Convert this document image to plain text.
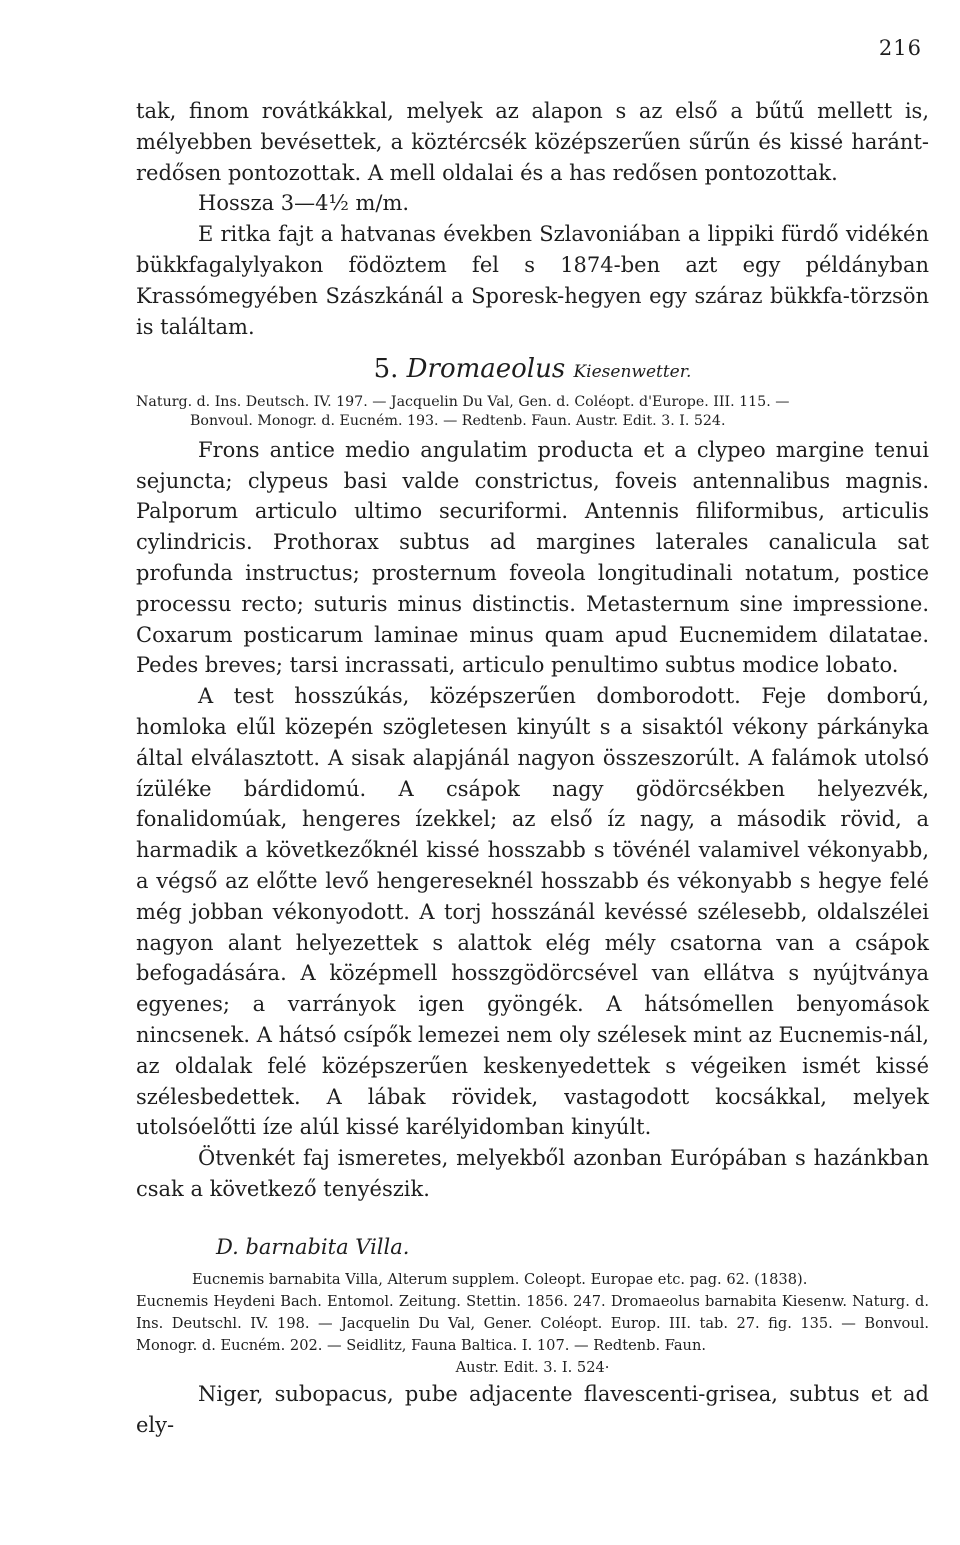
216

tak, finom rovátkákkal, melyek az alapon s az első a bűtű mellett is, mélyebben bevésettek, a köztércsék középszerűen sűrűn és kissé haránt-redősen pontozottak. A mell oldalai és a has redősen pontozottak.

Hossza 3—4½ m/m.

E ritka fajt a hatvanas években Szlavoniában a lippiki fürdő vidékén bükkfagalylyakon födöztem fel s 1874-ben azt egy példányban Krassómegyében Szászkánál a Sporesk-hegyen egy száraz bükkfa-törzsön is találtam.

5. Dromaeolus Kiesenwetter.
Naturg. d. Ins. Deutsch. IV. 197. — Jacquelin Du Val, Gen. d. Coléopt. d'Europe. III. 115. —
Bonvoul. Monogr. d. Eucném. 193. — Redtenb. Faun. Austr. Edit. 3. I. 524.

Frons antice medio angulatim producta et a clypeo margine tenui sejuncta; clypeus basi valde constrictus, foveis antennalibus magnis. Palporum articulo ultimo securiformi. Antennis filiformibus, articulis cylindricis. Prothorax subtus ad margines laterales canalicula sat profunda instructus; prosternum foveola longitudinali notatum, postice processu recto; suturis minus distinctis. Metasternum sine impressione. Coxarum posticarum laminae minus quam apud Eucnemidem dilatatae. Pedes breves; tarsi incrassati, articulo penultimo subtus modice lobato.

A test hosszúkás, középszerűen domborodott. Feje domború, homloka elűl közepén szögletesen kinyúlt s a sisaktól vékony párkányka által elválasztott. A sisak alapjánál nagyon összeszorúlt. A falámok utolsó ízüléke bárdidomú. A csápok nagy gödörcsékben helyezvék, fonalidomúak, hengeres ízekkel; az első íz nagy, a második rövid, a harmadik a következőknél kissé hosszabb s tövénél valamivel vékonyabb, a végső az előtte levő hengereseknél hosszabb és vékonyabb s hegye felé még jobban vékonyodott. A torj hosszánál kevéssé szélesebb, oldalszélei nagyon alant helyezettek s alattok elég mély csatorna van a csápok befogadására. A középmell hosszgödörcsével van ellátva s nyújtványa egyenes; a varrányok igen gyöngék. A hátsómellen benyomások nincsenek. A hátsó csípők lemezei nem oly szélesek mint az Eucnemis-nál, az oldalak felé középszerűen keskenyedettek s végeiken ismét kissé szélesbedettek. A lábak rövidek, vastagodott kocsákkal, melyek utolsóelőtti íze alúl kissé karélyidomban kinyúlt.

Ötvenkét faj ismeretes, melyekből azonban Európában s hazánkban csak a következő tenyészik.

D. barnabita Villa.
Eucnemis barnabita Villa, Alterum supplem. Coleopt. Europae etc. pag. 62. (1838).
Eucnemis Heydeni Bach. Entomol. Zeitung. Stettin. 1856. 247. Dromaeolus barnabita Kiesenw. Naturg. d. Ins. Deutschl. IV. 198. — Jacquelin Du Val, Gener. Coléopt. Europ. III. tab. 27. fig. 135. — Bonvoul. Monogr. d. Eucném. 202. — Seidlitz, Fauna Baltica. I. 107. — Redtenb. Faun.
Austr. Edit. 3. I. 524·

Niger, subopacus, pube adjacente flavescenti-grisea, subtus et ad ely-
